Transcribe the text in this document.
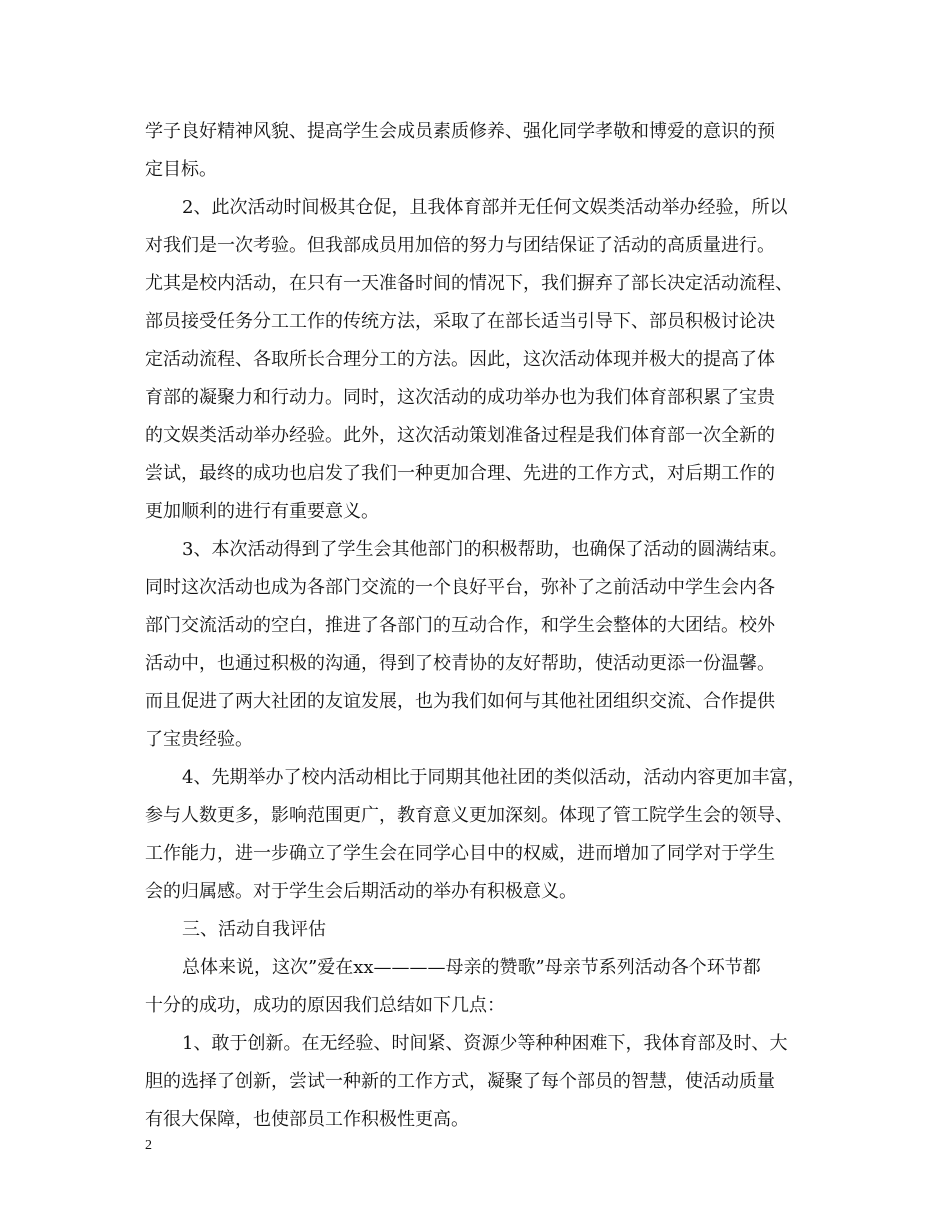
学子良好精神风貌、提高学生会成员素质修养、强化同学孝敬和博爱的意识的预
定目标。
2、此次活动时间极其仓促，且我体育部并无任何文娱类活动举办经验，所以
对我们是一次考验。但我部成员用加倍的努力与团结保证了活动的高质量进行。
尤其是校内活动，在只有一天准备时间的情况下，我们摒弃了部长决定活动流程、
部员接受任务分工工作的传统方法，采取了在部长适当引导下、部员积极讨论决
定活动流程、各取所长合理分工的方法。因此，这次活动体现并极大的提高了体
育部的凝聚力和行动力。同时，这次活动的成功举办也为我们体育部积累了宝贵
的文娱类活动举办经验。此外，这次活动策划准备过程是我们体育部一次全新的
尝试，最终的成功也启发了我们一种更加合理、先进的工作方式，对后期工作的
更加顺利的进行有重要意义。
3、本次活动得到了学生会其他部门的积极帮助，也确保了活动的圆满结束。
同时这次活动也成为各部门交流的一个良好平台，弥补了之前活动中学生会内各
部门交流活动的空白，推进了各部门的互动合作，和学生会整体的大团结。校外
活动中，也通过积极的沟通，得到了校青协的友好帮助，使活动更添一份温馨。
而且促进了两大社团的友谊发展，也为我们如何与其他社团组织交流、合作提供
了宝贵经验。
4、先期举办了校内活动相比于同期其他社团的类似活动，活动内容更加丰富，
参与人数更多，影响范围更广，教育意义更加深刻。体现了管工院学生会的领导、
工作能力，进一步确立了学生会在同学心目中的权威，进而增加了同学对于学生
会的归属感。对于学生会后期活动的举办有积极意义。
三、活动自我评估
总体来说，这次”爱在xx————母亲的赞歌”母亲节系列活动各个环节都
十分的成功，成功的原因我们总结如下几点：
1、敢于创新。在无经验、时间紧、资源少等种种困难下，我体育部及时、大
胆的选择了创新，尝试一种新的工作方式，凝聚了每个部员的智慧，使活动质量
有很大保障，也使部员工作积极性更高。
2
